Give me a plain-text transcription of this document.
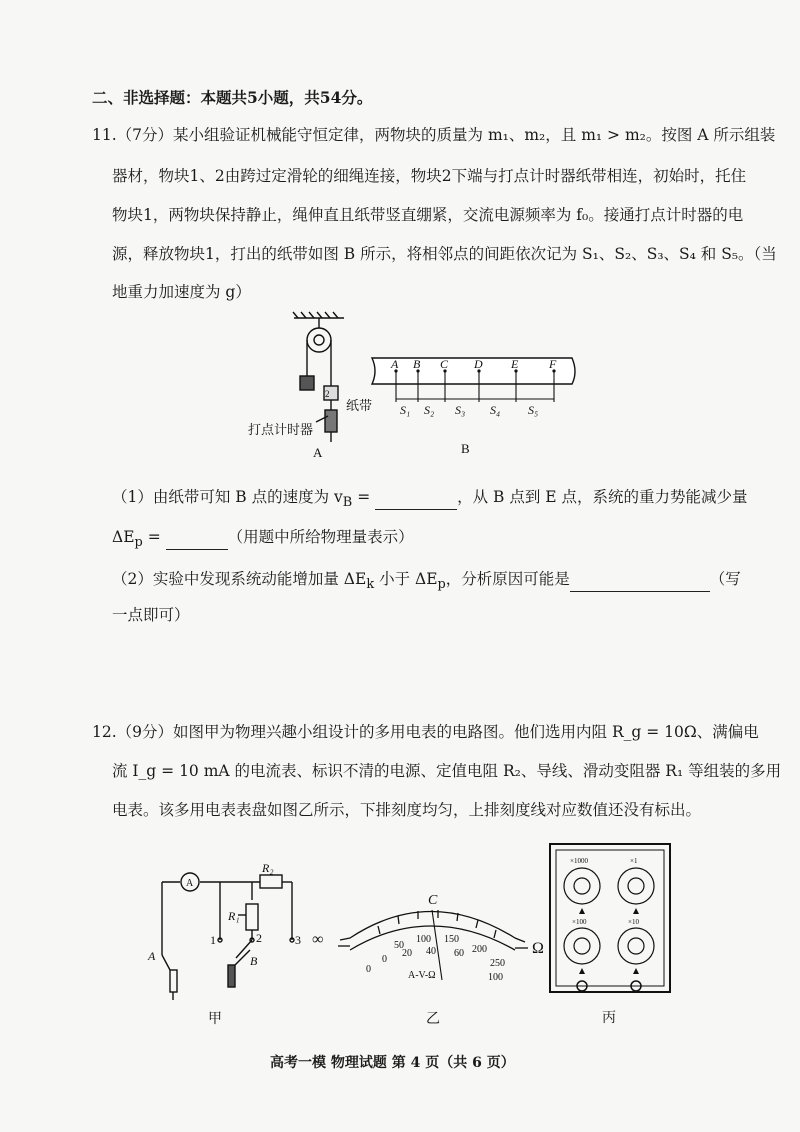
二、非选择题：本题共5小题，共54分。
11.（7分）某小组验证机械能守恒定律，两物块的质量为 m₁、m₂，且 m₁ > m₂。按图 A 所示组装
器材，物块1、2由跨过定滑轮的细绳连接，物块2下端与打点计时器纸带相连，初始时，托住
物块1，两物块保持静止，绳伸直且纸带竖直绷紧，交流电源频率为 f₀。接通打点计时器的电
源，释放物块1，打出的纸带如图 B 所示，将相邻点的间距依次记为 S₁、S₂、S₃、S₄ 和 S₅。（当
地重力加速度为 g）
2
打点计时器
纸带
A
A B C D E	F
S₁ S₂ S₃ S₄ S₅
B
（1）由纸带可知 B 点的速度为 $v_B$ =	，从 B 点到 E 点，系统的重力势能减少量
$\Delta E_p$ =	（用题中所给物理量表示）
（2）实验中发现系统动能增加量 $\Delta E_k$ 小于 $\Delta E_p$，分析原因可能是	（写
一点即可）
12.（9分）如图甲为物理兴趣小组设计的多用电表的电路图。他们选用内阻 R_g = 10Ω、满偏电
流 I_g = 10 mA 的电流表、标识不清的电源、定值电阻 R₂、导线、滑动变阻器 R₁ 等组装的多用
电表。该多用电表表盘如图乙所示，下排刻度均匀，上排刻度线对应数值还没有标出。
A
R₂
R₁
1	2	3
A	B
甲
∞
Ω
C
50
100 150
200
250
0
20 40 60
0
100
A-V-Ω
乙
×1000	×1
×100	×10
丙
高考一模 物理试题 第 4 页（共 6 页）
